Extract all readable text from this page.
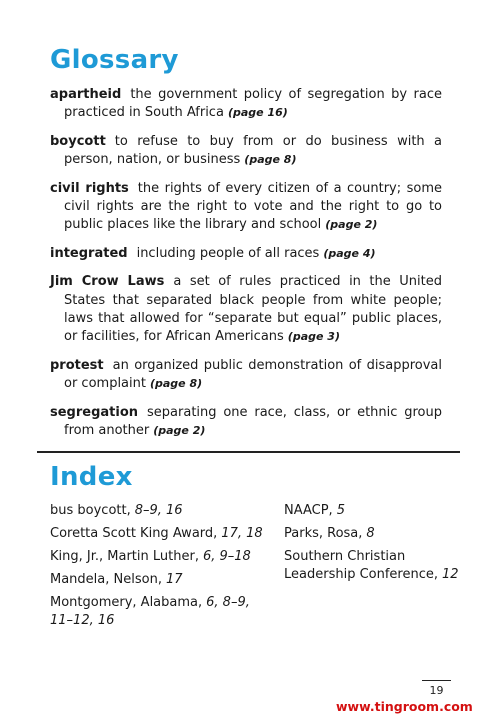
Glossary

apartheid the government policy of segregation by race practiced in South Africa (page 16)

boycott to refuse to buy from or do business with a person, nation, or business (page 8)

civil rights the rights of every citizen of a country; some civil rights are the right to vote and the right to go to public places like the library and school (page 2)

integrated including people of all races (page 4)

Jim Crow Laws a set of rules practiced in the United States that separated black people from white people; laws that allowed for “separate but equal” public places, or facilities, for African Americans (page 3)

protest an organized public demonstration of disapproval or complaint (page 8)

segregation separating one race, class, or ethnic group from another (page 2)

Index
bus boycott, 8–9, 16
Coretta Scott King Award, 17, 18
King, Jr., Martin Luther, 6, 9–18
Mandela, Nelson, 17
Montgomery, Alabama, 6, 8–9,
11–12, 16
NAACP, 5
Parks, Rosa, 8
Southern Christian Leadership Conference, 12
19
www.tingroom.com
